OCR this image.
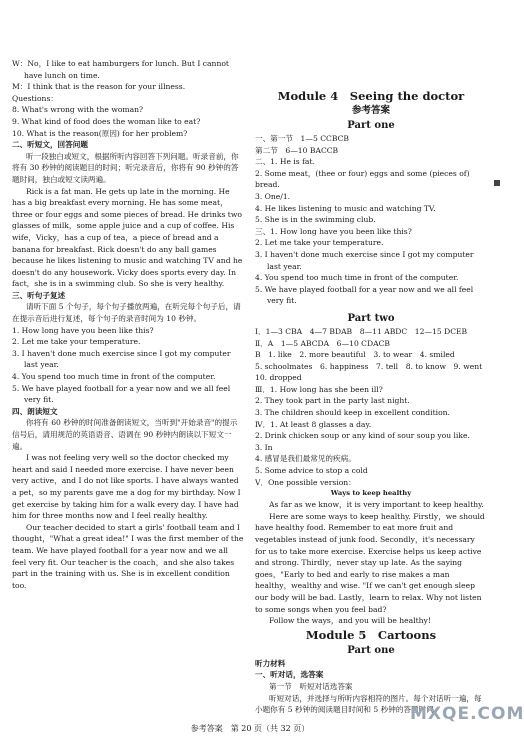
W：No，I like to eat hamburgers for lunch. But I cannot have lunch on time.

M：I think that is the reason for your illness.

Questions：

8. What's wrong with the woman?

9. What kind of food does the woman like to eat?

10. What is the reason(原因) for her problem?

二、听短文，回答问题

听一段独白或短文，根据所听内容回答下列问题。听录音前，你将有 30 秒钟的阅读题目的时间；听完录音后，你将有 90 秒钟的答题时间，独白或短文读两遍。

Rick is a fat man. He gets up late in the morning. He has a big breakfast every morning. He has some meat，three or four eggs and some pieces of bread. He drinks two glasses of milk，some apple juice and a cup of coffee. His wife，Vicky，has a cup of tea，a piece of bread and a banana for breakfast. Rick doesn't do any ball games because he likes listening to music and watching TV and he doesn't do any housework. Vicky does sports every day. In fact，she is in a swimming club. So she is very healthy.

三、听句子复述

请听下面 5 个句子，每个句子播放两遍，在听完每个句子后，请在提示音后进行复述，每个句子的录音时间为 10 秒钟。

1. How long have you been like this?

2. Let me take your temperature.

3. I haven't done much exercise since I got my computer last year.

4. You spend too much time in front of the computer.

5. We have played football for a year now and we all feel very fit.

四、朗读短文

你将有 60 秒钟的时间准备朗读短文，当听到"开始录音"的提示信号后，请用规范的英语语音、语调在 90 秒钟内朗读以下短文一遍。

I was not feeling very well so the doctor checked my heart and said I needed more exercise. I have never been very active，and I do not like sports. I have always wanted a pet，so my parents gave me a dog for my birthday. Now I get exercise by taking him for a walk every day. I have had him for three months now and I feel really healthy.

Our teacher decided to start a girls' football team and I thought，"What a great idea!" I was the first member of the team. We have played football for a year now and we all feel very fit. Our teacher is the coach，and she also takes part in the training with us. She is in excellent condition too.

Module 4　Seeing the doctor

参考答案

Part one

一、第一节　1—5 CCBCB

第二节　6—10 BACCB

二、1. He is fat.

2. Some meat，(thee or four) eggs and some (pieces of) bread.

3. One/1.

4. He likes listening to music and watching TV.

5. She is in the swimming club.

三、1. How long have you been like this?

2. Let me take your temperature.

3. I haven't done much exercise since I got my computer last year.

4. You spend too much time in front of the computer.

5. We have played football for a year now and we all feel very fit.

Part two

I．1—3 CBA　4—7 BDAB　8—11 ABDC　12—15 DCEB

Ⅱ．A　1—5 ABCDA　6—10 CDACB

B　1. like　2. more beautiful　3. to wear　4. smiled

5. schoolmates　6. happiness　7. tell　8. to know　9. went

10. dropped

Ⅲ．1. How long has she been ill?

2. They took part in the party last night.

3. The children should keep in excellent condition.

Ⅳ．1. At least 8 glasses a day.

2. Drink chicken soup or any kind of sour soup you like.

3. In

4. 感冒是我们最常见的疾病。

5. Some advice to stop a cold

Ⅴ．One possible version：

Ways to keep healthy

As far as we know，it is very important to keep healthy.

Here are some ways to keep healthy. Firstly，we should have healthy food. Remember to eat more fruit and vegetables instead of junk food. Secondly，it's necessary for us to take more exercise. Exercise helps us keep active and strong. Thirdly，never stay up late. As the saying goes，"Early to bed and early to rise makes a man healthy，wealthy and wise. "If we can't get enough sleep our body will be bad. Lastly，learn to relax. Why not listen to some songs when you feel bad?

Follow the ways，and you will be healthy!

Module 5　Cartoons

Part one

听力材料

一、听对话，选答案

第一节　听短对话选答案

听短对话，并选择与所听内容相符的图片。每个对话听一遍，每小题你有 5 秒钟的阅读题目时间和 5 秒钟的答题时间。

MXQE.COM
参考答案　第 20 页（共 32 页）
